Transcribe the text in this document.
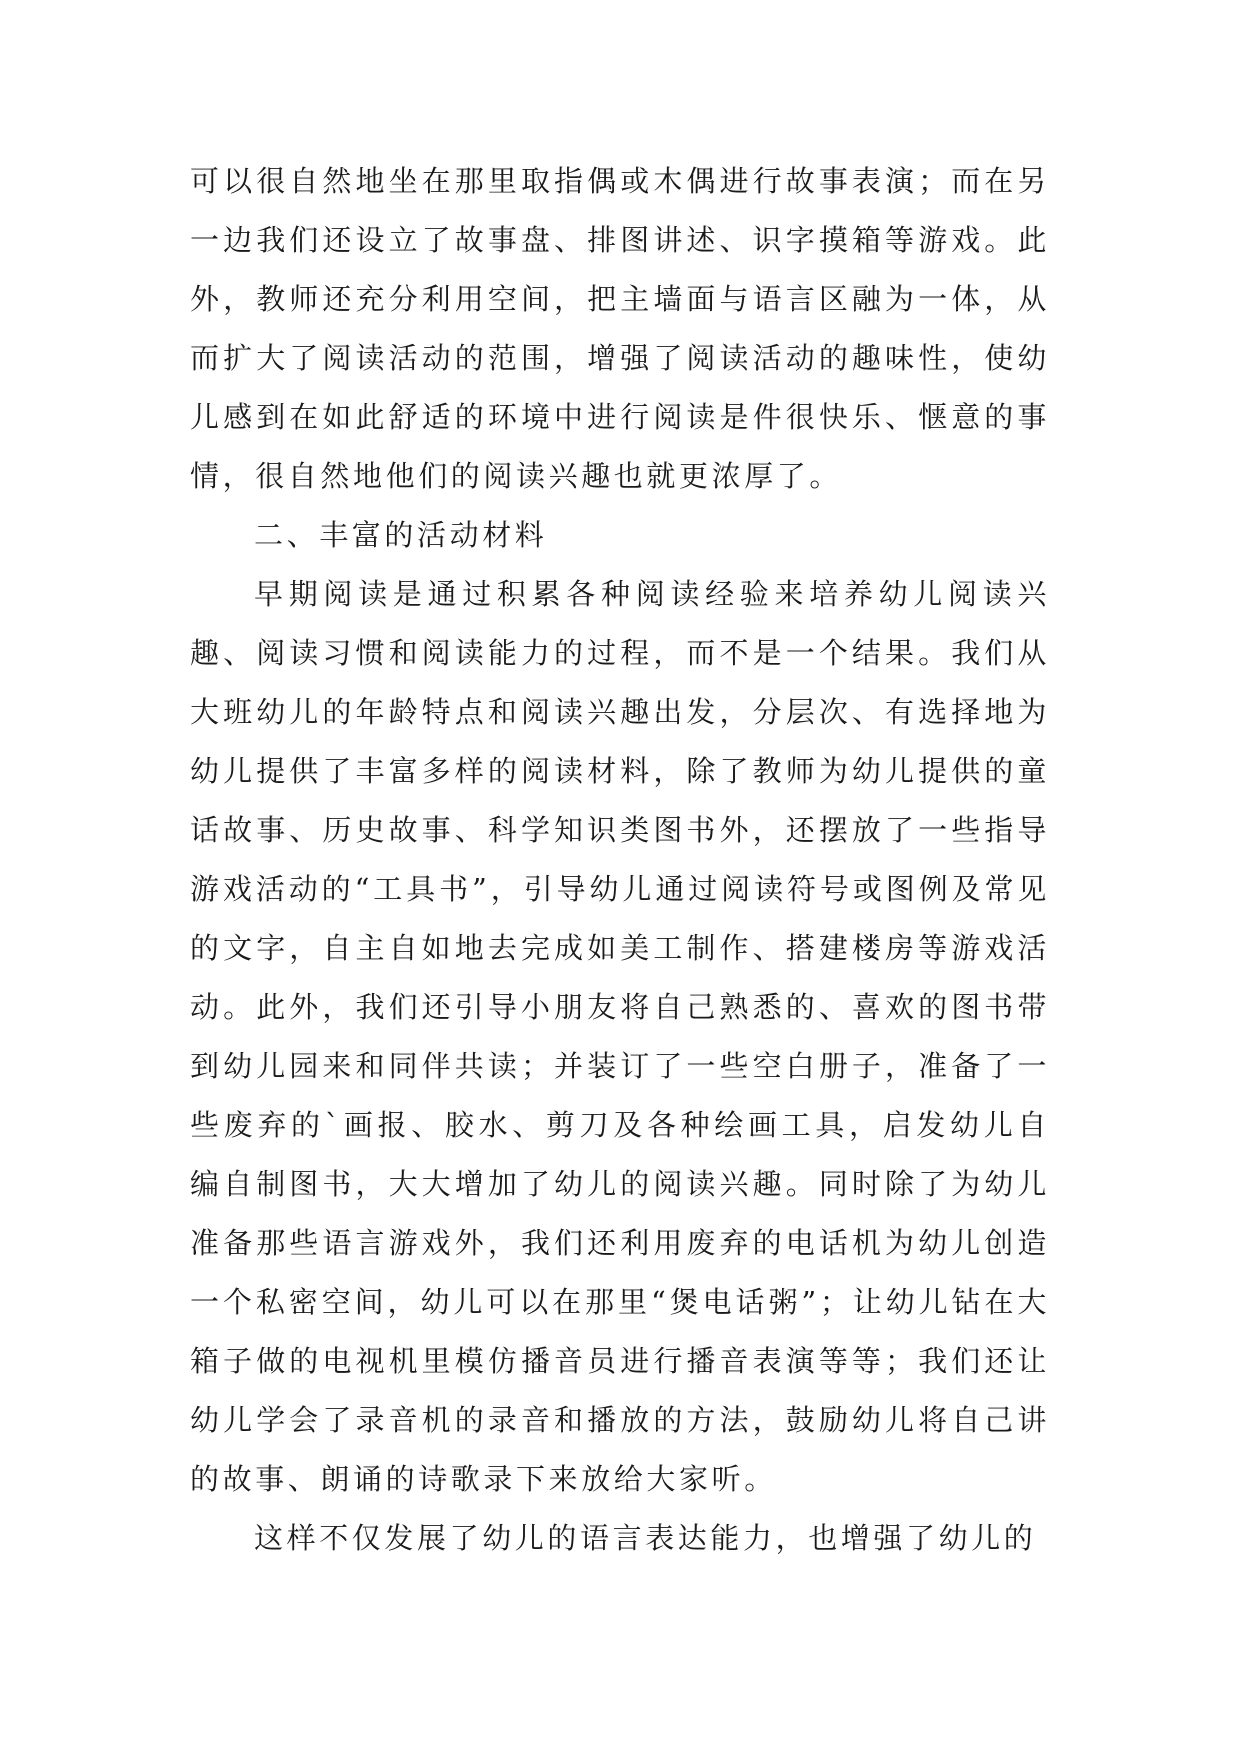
可以很自然地坐在那里取指偶或木偶进行故事表演；而在另一边我们还设立了故事盘、排图讲述、识字摸箱等游戏。此外，教师还充分利用空间，把主墙面与语言区融为一体，从而扩大了阅读活动的范围，增强了阅读活动的趣味性，使幼儿感到在如此舒适的环境中进行阅读是件很快乐、惬意的事情，很自然地他们的阅读兴趣也就更浓厚了。

二、丰富的活动材料

早期阅读是通过积累各种阅读经验来培养幼儿阅读兴趣、阅读习惯和阅读能力的过程，而不是一个结果。我们从大班幼儿的年龄特点和阅读兴趣出发，分层次、有选择地为幼儿提供了丰富多样的阅读材料，除了教师为幼儿提供的童话故事、历史故事、科学知识类图书外，还摆放了一些指导游戏活动的“工具书”，引导幼儿通过阅读符号或图例及常见的文字，自主自如地去完成如美工制作、搭建楼房等游戏活动。此外，我们还引导小朋友将自己熟悉的、喜欢的图书带到幼儿园来和同伴共读；并装订了一些空白册子，准备了一些废弃的`画报、胶水、剪刀及各种绘画工具，启发幼儿自编自制图书，大大增加了幼儿的阅读兴趣。同时除了为幼儿准备那些语言游戏外，我们还利用废弃的电话机为幼儿创造一个私密空间，幼儿可以在那里“煲电话粥”；让幼儿钻在大箱子做的电视机里模仿播音员进行播音表演等等；我们还让幼儿学会了录音机的录音和播放的方法，鼓励幼儿将自己讲的故事、朗诵的诗歌录下来放给大家听。

这样不仅发展了幼儿的语言表达能力，也增强了幼儿的
